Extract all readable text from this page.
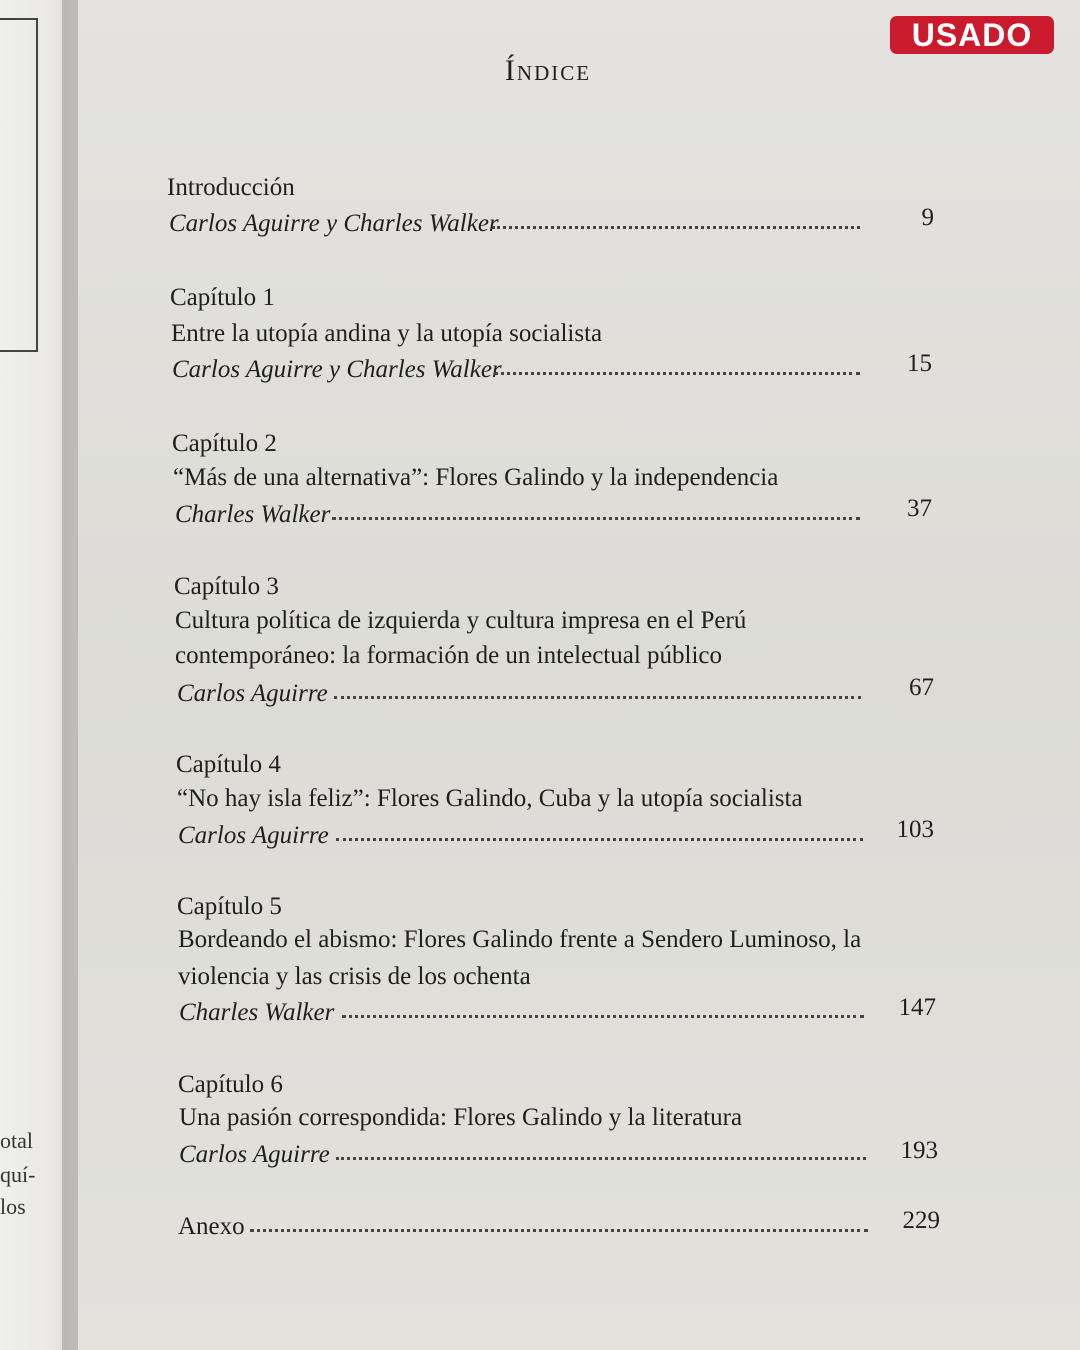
otal
quí-
los
Índice
USADO
Introducción
Carlos Aguirre y Charles Walker	9
Capítulo 1
Entre la utopía andina y la utopía socialista
Carlos Aguirre y Charles Walker	15
Capítulo 2
“Más de una alternativa”: Flores Galindo y la independencia
Charles Walker	37
Capítulo 3
Cultura política de izquierda y cultura impresa en el Perú
contemporáneo: la formación de un intelectual público
Carlos Aguirre	67
Capítulo 4
“No hay isla feliz”: Flores Galindo, Cuba y la utopía socialista
Carlos Aguirre	103
Capítulo 5
Bordeando el abismo: Flores Galindo frente a Sendero Luminoso, la
violencia y las crisis de los ochenta
Charles Walker	147
Capítulo 6
Una pasión correspondida: Flores Galindo y la literatura
Carlos Aguirre	193
Anexo	229
